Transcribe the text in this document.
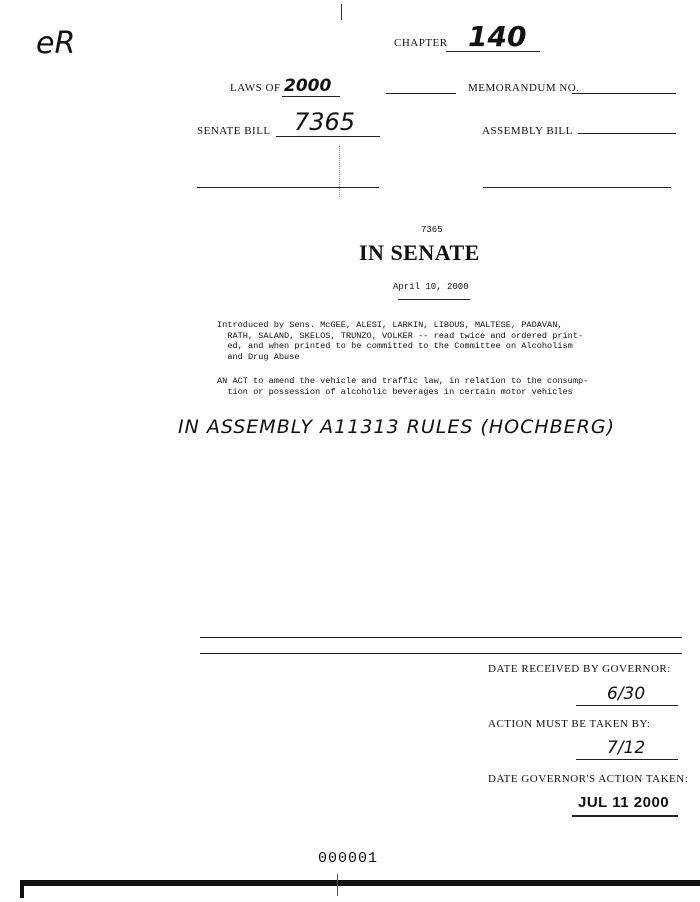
eR	CHAPTER 140
LAWS OF 2000	MEMORANDUM NO.
SENATE BILL 7365	ASSEMBLY BILL
7365
IN SENATE
April 10, 2000
Introduced by Sens. McGEE, ALESI, LARKIN, LIBOUS, MALTESE, PADAVAN,
RATH, SALAND, SKELOS, TRUNZO, VOLKER -- read twice and ordered print-
ed, and when printed to be committed to the Committee on Alcoholism
and Drug Abuse
AN ACT to amend the vehicle and traffic law, in relation to the consump-
tion or possession of alcoholic beverages in certain motor vehicles
IN ASSEMBLY A11313 RULES (HOCHBERG)
DATE RECEIVED BY GOVERNOR:
6/30
ACTION MUST BE TAKEN BY:
7/12
DATE GOVERNOR'S ACTION TAKEN:
JUL 11 2000
000001
